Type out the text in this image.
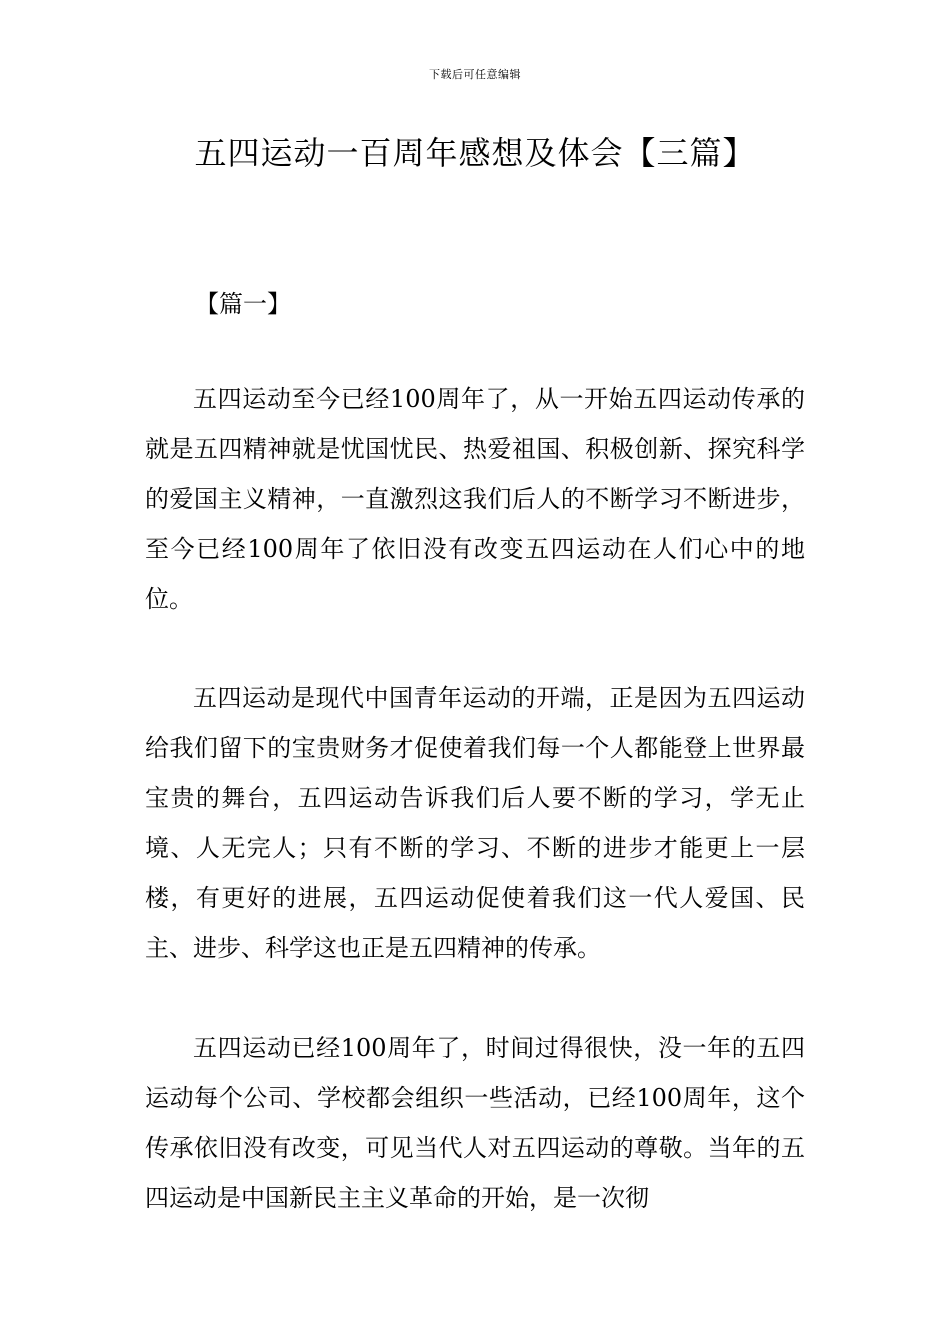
下载后可任意编辑
五四运动一百周年感想及体会【三篇】
【篇一】

五四运动至今已经100周年了，从一开始五四运动传承的就是五四精神就是忧国忧民、热爱祖国、积极创新、探究科学的爱国主义精神，一直激烈这我们后人的不断学习不断进步，至今已经100周年了依旧没有改变五四运动在人们心中的地位。

五四运动是现代中国青年运动的开端，正是因为五四运动给我们留下的宝贵财务才促使着我们每一个人都能登上世界最宝贵的舞台，五四运动告诉我们后人要不断的学习，学无止境、人无完人；只有不断的学习、不断的进步才能更上一层楼，有更好的进展，五四运动促使着我们这一代人爱国、民主、进步、科学这也正是五四精神的传承。

五四运动已经100周年了，时间过得很快，没一年的五四运动每个公司、学校都会组织一些活动，已经100周年，这个传承依旧没有改变，可见当代人对五四运动的尊敬。当年的五四运动是中国新民主主义革命的开始，是一次彻
